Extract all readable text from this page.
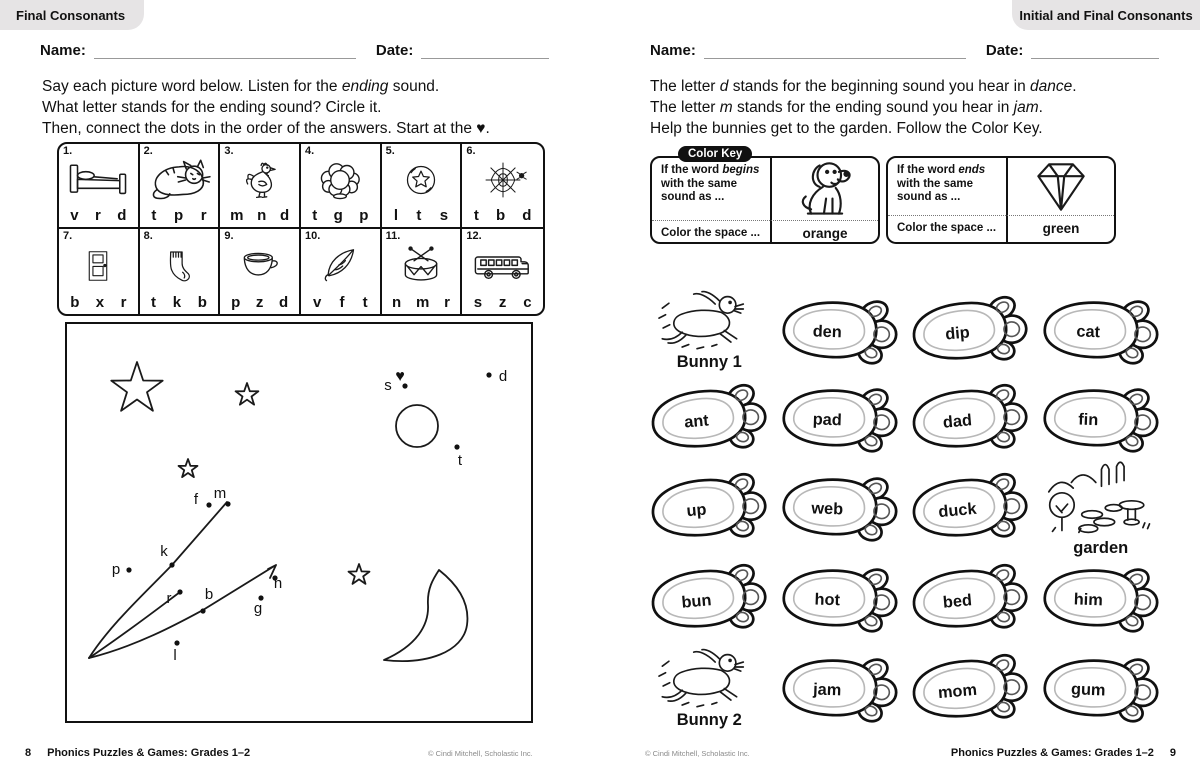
Final Consonants
Name:	Date:
Say each picture word below. Listen for the ending sound.
What letter stands for the ending sound? Circle it.
Then, connect the dots in the order of the answers. Start at the ♥.
1.
v r d
2.
t p r
3.
m n d
4.
t g p
5.
l t s
6.
t b d
7.
b x r
8.
t k b
9.
p z d
10.
v f t
11.
n m r
12.
s z c
s
♥	d
t
f m
p
k
r b
l
g
n
8 Phonics Puzzles & Games: Grades 1–2	© Cindi Mitchell, Scholastic Inc.
Initial and Final Consonants
Name:	Date:
The letter d stands for the beginning sound you hear in dance.
The letter m stands for the ending sound you hear in jam.
Help the bunnies get to the garden. Follow the Color Key.
Color Key
If the word begins with the same sound as ...
Color the space ...	orange
If the word ends with the same sound as ...
Color the space ...	green
Bunny 1
den	dip	cat
ant	pad	dad	fin
up	web	duck
garden
bun	hot	bed	him
Bunny 2
jam	mom	gum
Phonics Puzzles & Games: Grades 1–2 9
© Cindi Mitchell, Scholastic Inc.
